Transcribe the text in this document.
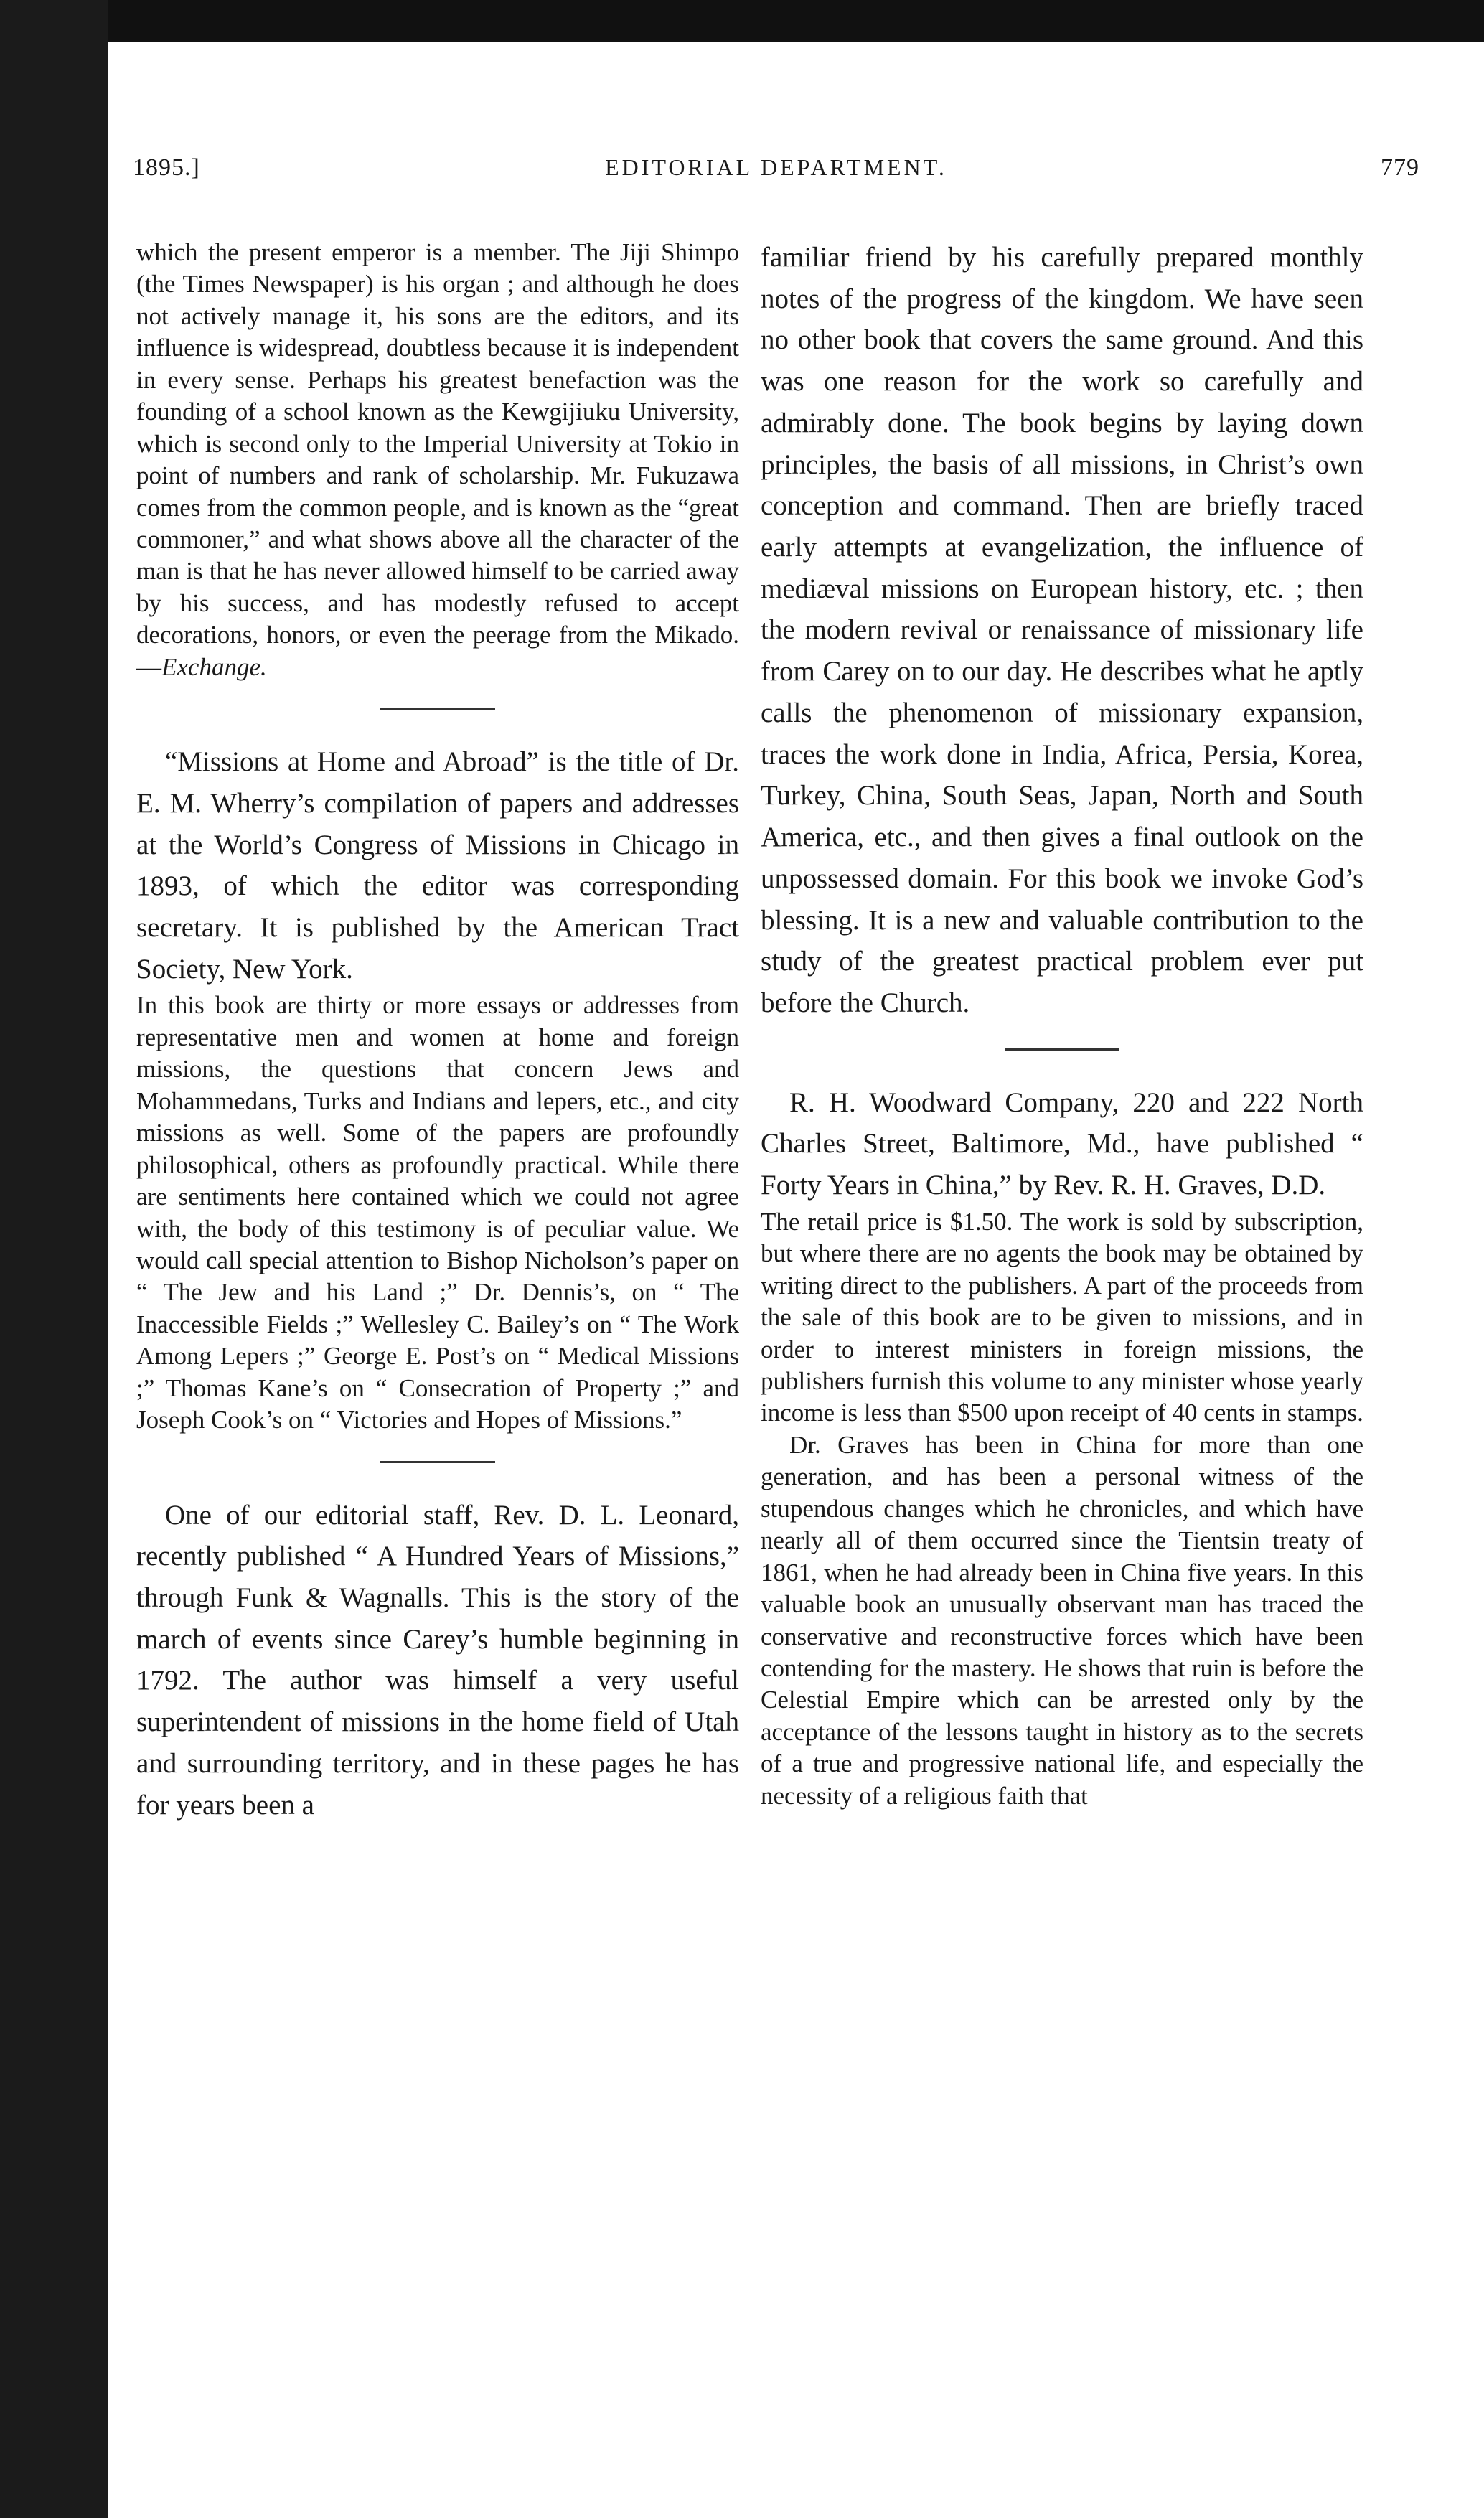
1895.]	EDITORIAL DEPARTMENT.	779

which the present emperor is a member. The Jiji Shimpo (the Times Newspaper) is his organ ; and although he does not actively manage it, his sons are the editors, and its influence is widespread, doubtless because it is independent in every sense. Perhaps his greatest benefaction was the founding of a school known as the Kewgijiuku University, which is second only to the Imperial University at Tokio in point of numbers and rank of scholarship. Mr. Fukuzawa comes from the common people, and is known as the “great commoner,” and what shows above all the character of the man is that he has never allowed himself to be carried away by his success, and has modestly refused to accept decorations, honors, or even the peerage from the Mikado.—Exchange.

“Missions at Home and Abroad” is the title of Dr. E. M. Wherry’s compilation of papers and addresses at the World’s Congress of Missions in Chicago in 1893, of which the editor was corresponding secretary. It is published by the American Tract Society, New York.

In this book are thirty or more essays or addresses from representative men and women at home and foreign missions, the questions that concern Jews and Mohammedans, Turks and Indians and lepers, etc., and city missions as well. Some of the papers are profoundly philosophical, others as profoundly practical. While there are sentiments here contained which we could not agree with, the body of this testimony is of peculiar value. We would call special attention to Bishop Nicholson’s paper on “ The Jew and his Land ;” Dr. Dennis’s, on “ The Inaccessible Fields ;” Wellesley C. Bailey’s on “ The Work Among Lepers ;” George E. Post’s on “ Medical Missions ;” Thomas Kane’s on “ Consecration of Property ;” and Joseph Cook’s on “ Victories and Hopes of Missions.”

One of our editorial staff, Rev. D. L. Leonard, recently published “ A Hundred Years of Missions,” through Funk & Wagnalls. This is the story of the march of events since Carey’s humble beginning in 1792. The author was himself a very useful superintendent of missions in the home field of Utah and surrounding territory, and in these pages he has for years been a

familiar friend by his carefully prepared monthly notes of the progress of the kingdom. We have seen no other book that covers the same ground. And this was one reason for the work so carefully and admirably done. The book begins by laying down principles, the basis of all missions, in Christ’s own conception and command. Then are briefly traced early attempts at evangelization, the influence of mediæval missions on European history, etc. ; then the modern revival or renaissance of missionary life from Carey on to our day. He describes what he aptly calls the phenomenon of missionary expansion, traces the work done in India, Africa, Persia, Korea, Turkey, China, South Seas, Japan, North and South America, etc., and then gives a final outlook on the unpossessed domain. For this book we invoke God’s blessing. It is a new and valuable contribution to the study of the greatest practical problem ever put before the Church.

R. H. Woodward Company, 220 and 222 North Charles Street, Baltimore, Md., have published “ Forty Years in China,” by Rev. R. H. Graves, D.D.

The retail price is $1.50. The work is sold by subscription, but where there are no agents the book may be obtained by writing direct to the publishers. A part of the proceeds from the sale of this book are to be given to missions, and in order to interest ministers in foreign missions, the publishers furnish this volume to any minister whose yearly income is less than $500 upon receipt of 40 cents in stamps.

Dr. Graves has been in China for more than one generation, and has been a personal witness of the stupendous changes which he chronicles, and which have nearly all of them occurred since the Tientsin treaty of 1861, when he had already been in China five years. In this valuable book an unusually observant man has traced the conservative and reconstructive forces which have been contending for the mastery. He shows that ruin is before the Celestial Empire which can be arrested only by the acceptance of the lessons taught in history as to the secrets of a true and progressive national life, and especially the necessity of a religious faith that
